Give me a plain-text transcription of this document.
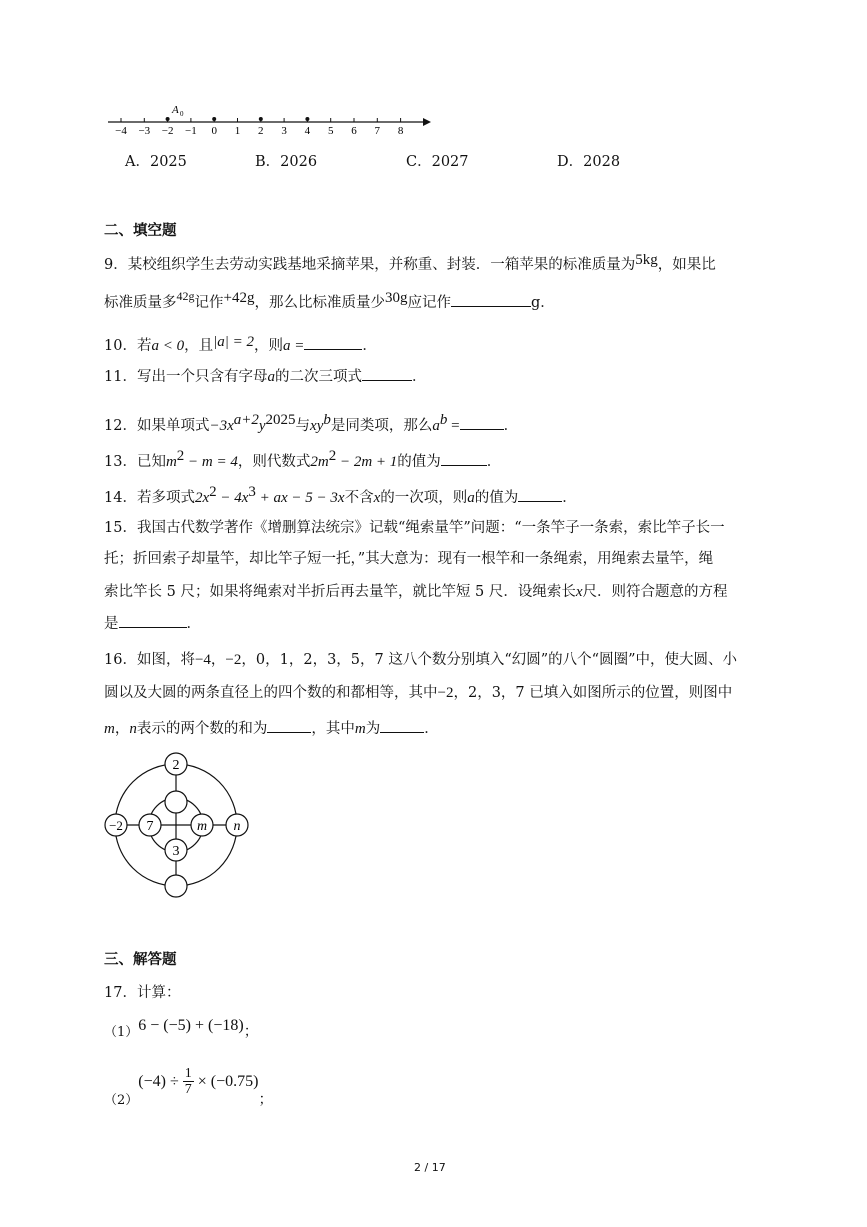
−4 −3 −2 −1 0 1 2 3 4 5 6 7 8
A 0
A．2025	B．2026	C．2027	D．2028
二、填空题
9．某校组织学生去劳动实践基地采摘苹果，并称重、封装．一箱苹果的标准质量为5kg，如果比
标准质量多$^{42g}$记作+42g，那么比标准质量少30g应记作	g．
10．若a < 0，且|a| = 2，则a =	．
11．写出一个只含有字母a的二次三项式	．
12．如果单项式$-3x^{a+2}y^{2025}$与$xy^b$是同类项，那么$a^b$ =	．
13．已知$m^2 - m = 4$，则代数式$2m^2 - 2m + 1$的值为	．
14．若多项式$2x^2 - 4x^3$ + ax − 5 − 3x不含x的一次项，则a的值为	．
15．我国古代数学著作《增删算法统宗》记载“绳索量竿”问题：“一条竿子一条索，索比竿子长一
托；折回索子却量竿，却比竿子短一托，”其大意为：现有一根竿和一条绳索，用绳索去量竿，绳
索比竿长 5 尺；如果将绳索对半折后再去量竿，就比竿短 5 尺．设绳索长x尺．则符合题意的方程
是	．
16．如图，将−4，−2，0，1，2，3，5，7 这八个数分别填入“幻圆”的八个“圆圈”中，使大圆、小
圆以及大圆的两条直径上的四个数的和都相等，其中−2，2，3，7 已填入如图所示的位置，则图中
m，n表示的两个数的和为	，其中m为	．
2
−2 7	m n
3
三、解答题
17．计算：
（1）6 − (−5) + (−18)；
$(2)(-4) \div \frac{1}{7} \times (-0.75)$；
2 / 17
